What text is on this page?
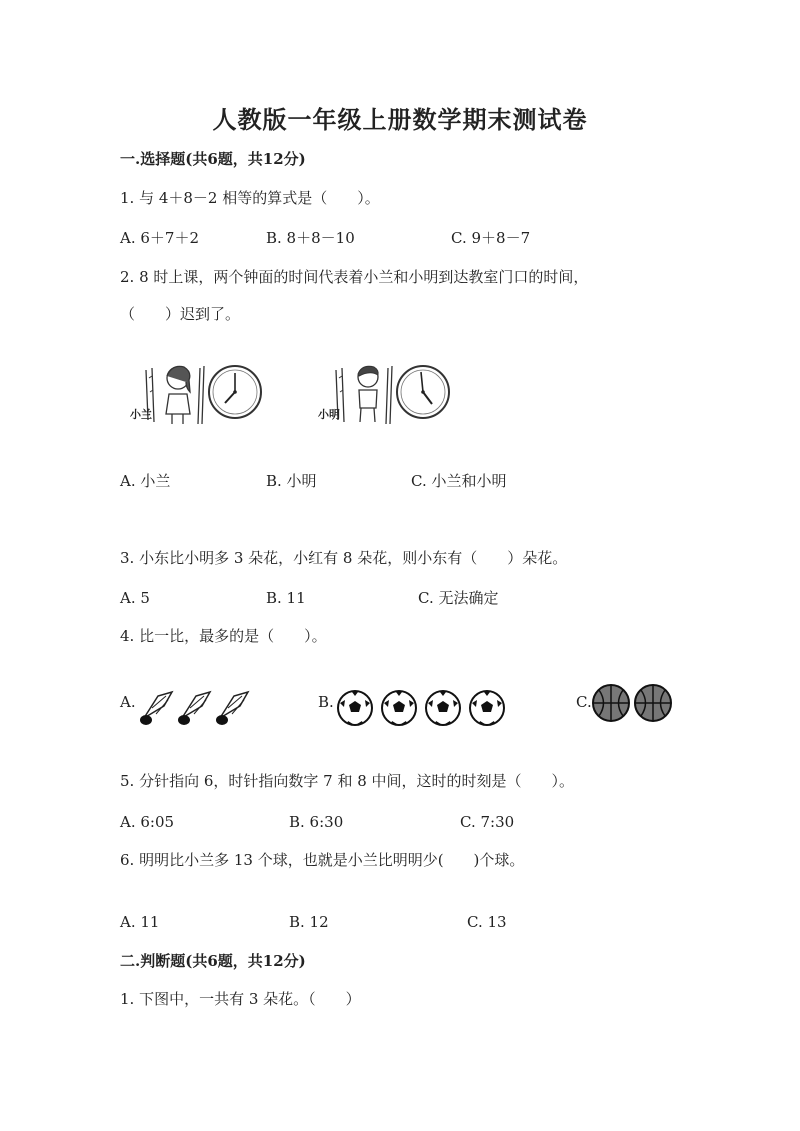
人教版一年级上册数学期末测试卷
一.选择题(共6题，共12分)
1. 与 4＋8－2 相等的算式是（　　）。
A. 6＋7＋2	B. 8＋8－10	C. 9＋8－7
2. 8 时上课，两个钟面的时间代表着小兰和小明到达教室门口的时间，
（　　）迟到了。
小兰	小明
A. 小兰	B. 小明	C. 小兰和小明
3. 小东比小明多 3 朵花，小红有 8 朵花，则小东有（　　）朵花。
A. 5	B. 11	C. 无法确定
4. 比一比，最多的是（　　）。
A.	B.	C.
5. 分针指向 6，时针指向数字 7 和 8 中间，这时的时刻是（　　）。
A. 6:05	B. 6:30	C. 7:30
6. 明明比小兰多 13 个球，也就是小兰比明明少(　　)个球。
A. 11	B. 12	C. 13
二.判断题(共6题，共12分)
1. 下图中，一共有 3 朵花。（　　）
